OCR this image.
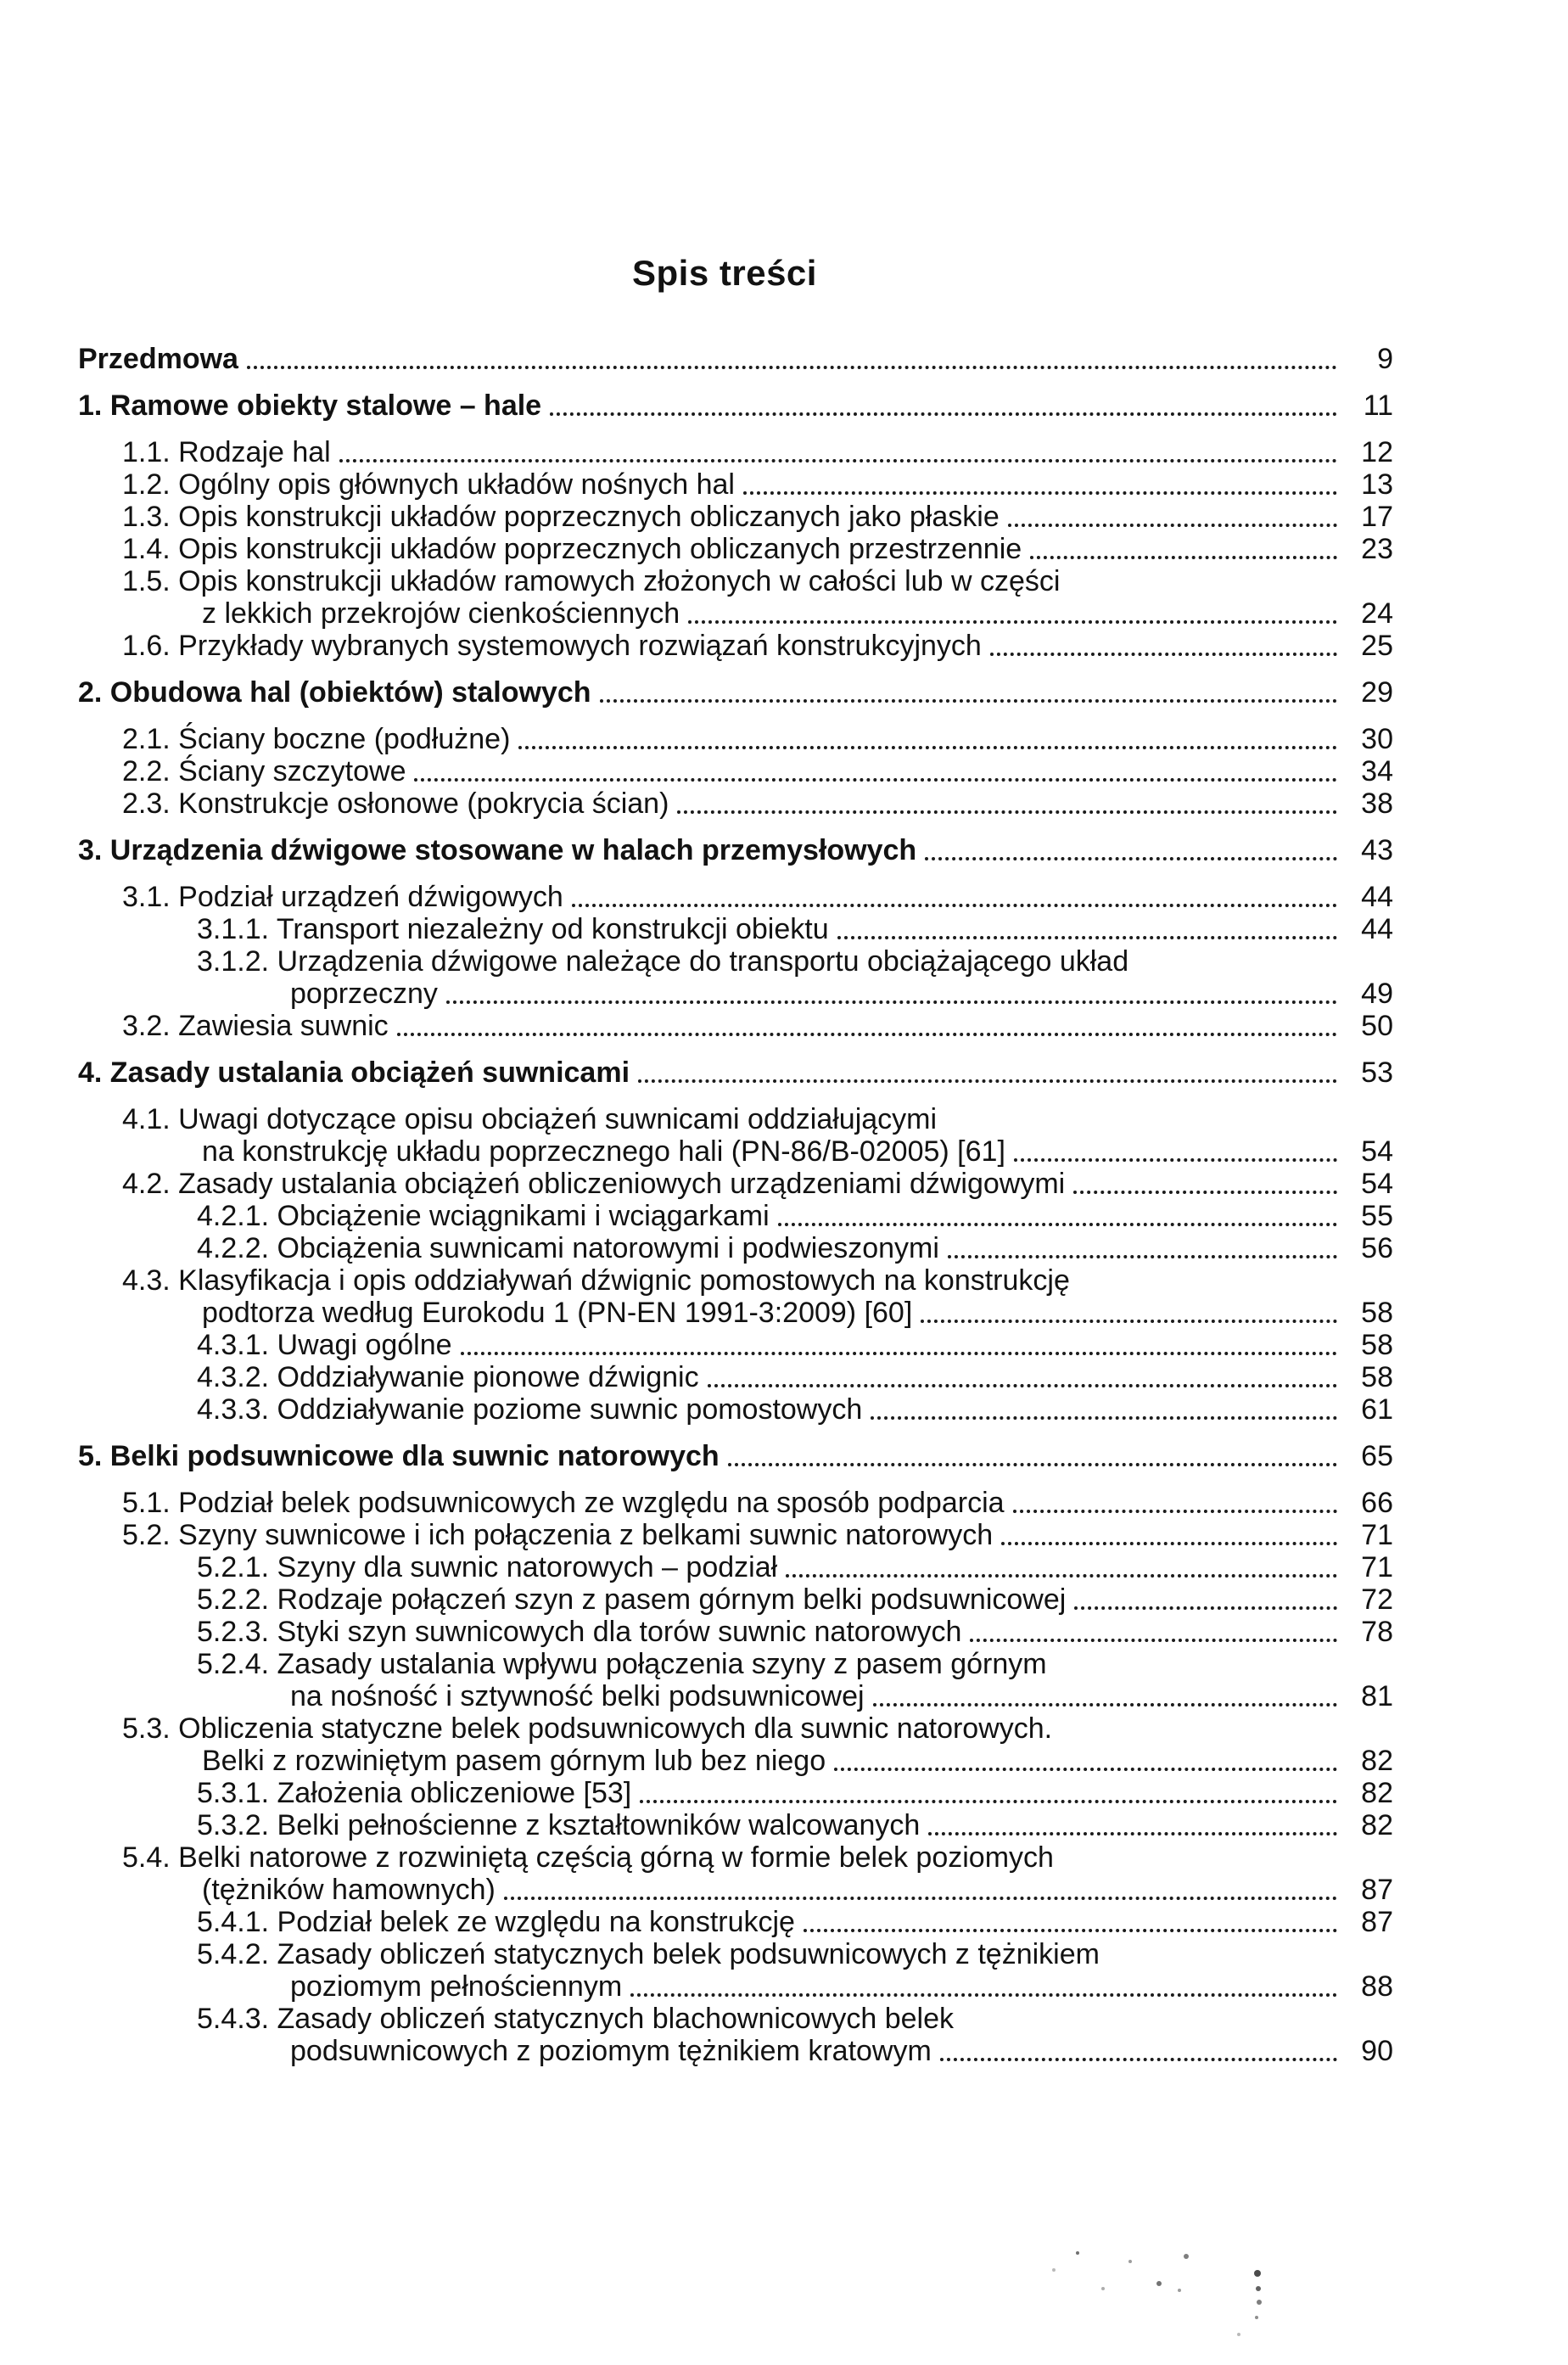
Spis treści
Przedmowa	9
1. Ramowe obiekty stalowe – hale	11
1.1. Rodzaje hal	12
1.2. Ogólny opis głównych układów nośnych hal	13
1.3. Opis konstrukcji układów poprzecznych obliczanych jako płaskie	17
1.4. Opis konstrukcji układów poprzecznych obliczanych przestrzennie	23
1.5. Opis konstrukcji układów ramowych złożonych w całości lub w części
z lekkich przekrojów cienkościennych	24
1.6. Przykłady wybranych systemowych rozwiązań konstrukcyjnych	25
2. Obudowa hal (obiektów) stalowych	29
2.1. Ściany boczne (podłużne)	30
2.2. Ściany szczytowe	34
2.3. Konstrukcje osłonowe (pokrycia ścian)	38
3. Urządzenia dźwigowe stosowane w halach przemysłowych	43
3.1. Podział urządzeń dźwigowych	44
3.1.1. Transport niezależny od konstrukcji obiektu	44
3.1.2. Urządzenia dźwigowe należące do transportu obciążającego układ
poprzeczny	49
3.2. Zawiesia suwnic	50
4. Zasady ustalania obciążeń suwnicami	53
4.1. Uwagi dotyczące opisu obciążeń suwnicami oddziałującymi
na konstrukcję układu poprzecznego hali (PN-86/B-02005) [61]	54
4.2. Zasady ustalania obciążeń obliczeniowych urządzeniami dźwigowymi	54
4.2.1. Obciążenie wciągnikami i wciągarkami	55
4.2.2. Obciążenia suwnicami natorowymi i podwieszonymi	56
4.3. Klasyfikacja i opis oddziaływań dźwignic pomostowych na konstrukcję
podtorza według Eurokodu 1 (PN-EN 1991-3:2009) [60]	58
4.3.1. Uwagi ogólne	58
4.3.2. Oddziaływanie pionowe dźwignic	58
4.3.3. Oddziaływanie poziome suwnic pomostowych	61
5. Belki podsuwnicowe dla suwnic natorowych	65
5.1. Podział belek podsuwnicowych ze względu na sposób podparcia	66
5.2. Szyny suwnicowe i ich połączenia z belkami suwnic natorowych	71
5.2.1. Szyny dla suwnic natorowych – podział	71
5.2.2. Rodzaje połączeń szyn z pasem górnym belki podsuwnicowej	72
5.2.3. Styki szyn suwnicowych dla torów suwnic natorowych	78
5.2.4. Zasady ustalania wpływu połączenia szyny z pasem górnym
na nośność i sztywność belki podsuwnicowej	81
5.3. Obliczenia statyczne belek podsuwnicowych dla suwnic natorowych.
Belki z rozwiniętym pasem górnym lub bez niego	82
5.3.1. Założenia obliczeniowe [53]	82
5.3.2. Belki pełnościenne z kształtowników walcowanych	82
5.4. Belki natorowe z rozwiniętą częścią górną w formie belek poziomych
(tężników hamownych)	87
5.4.1. Podział belek ze względu na konstrukcję	87
5.4.2. Zasady obliczeń statycznych belek podsuwnicowych z tężnikiem
poziomym pełnościennym	88
5.4.3. Zasady obliczeń statycznych blachownicowych belek
podsuwnicowych z poziomym tężnikiem kratowym	90
